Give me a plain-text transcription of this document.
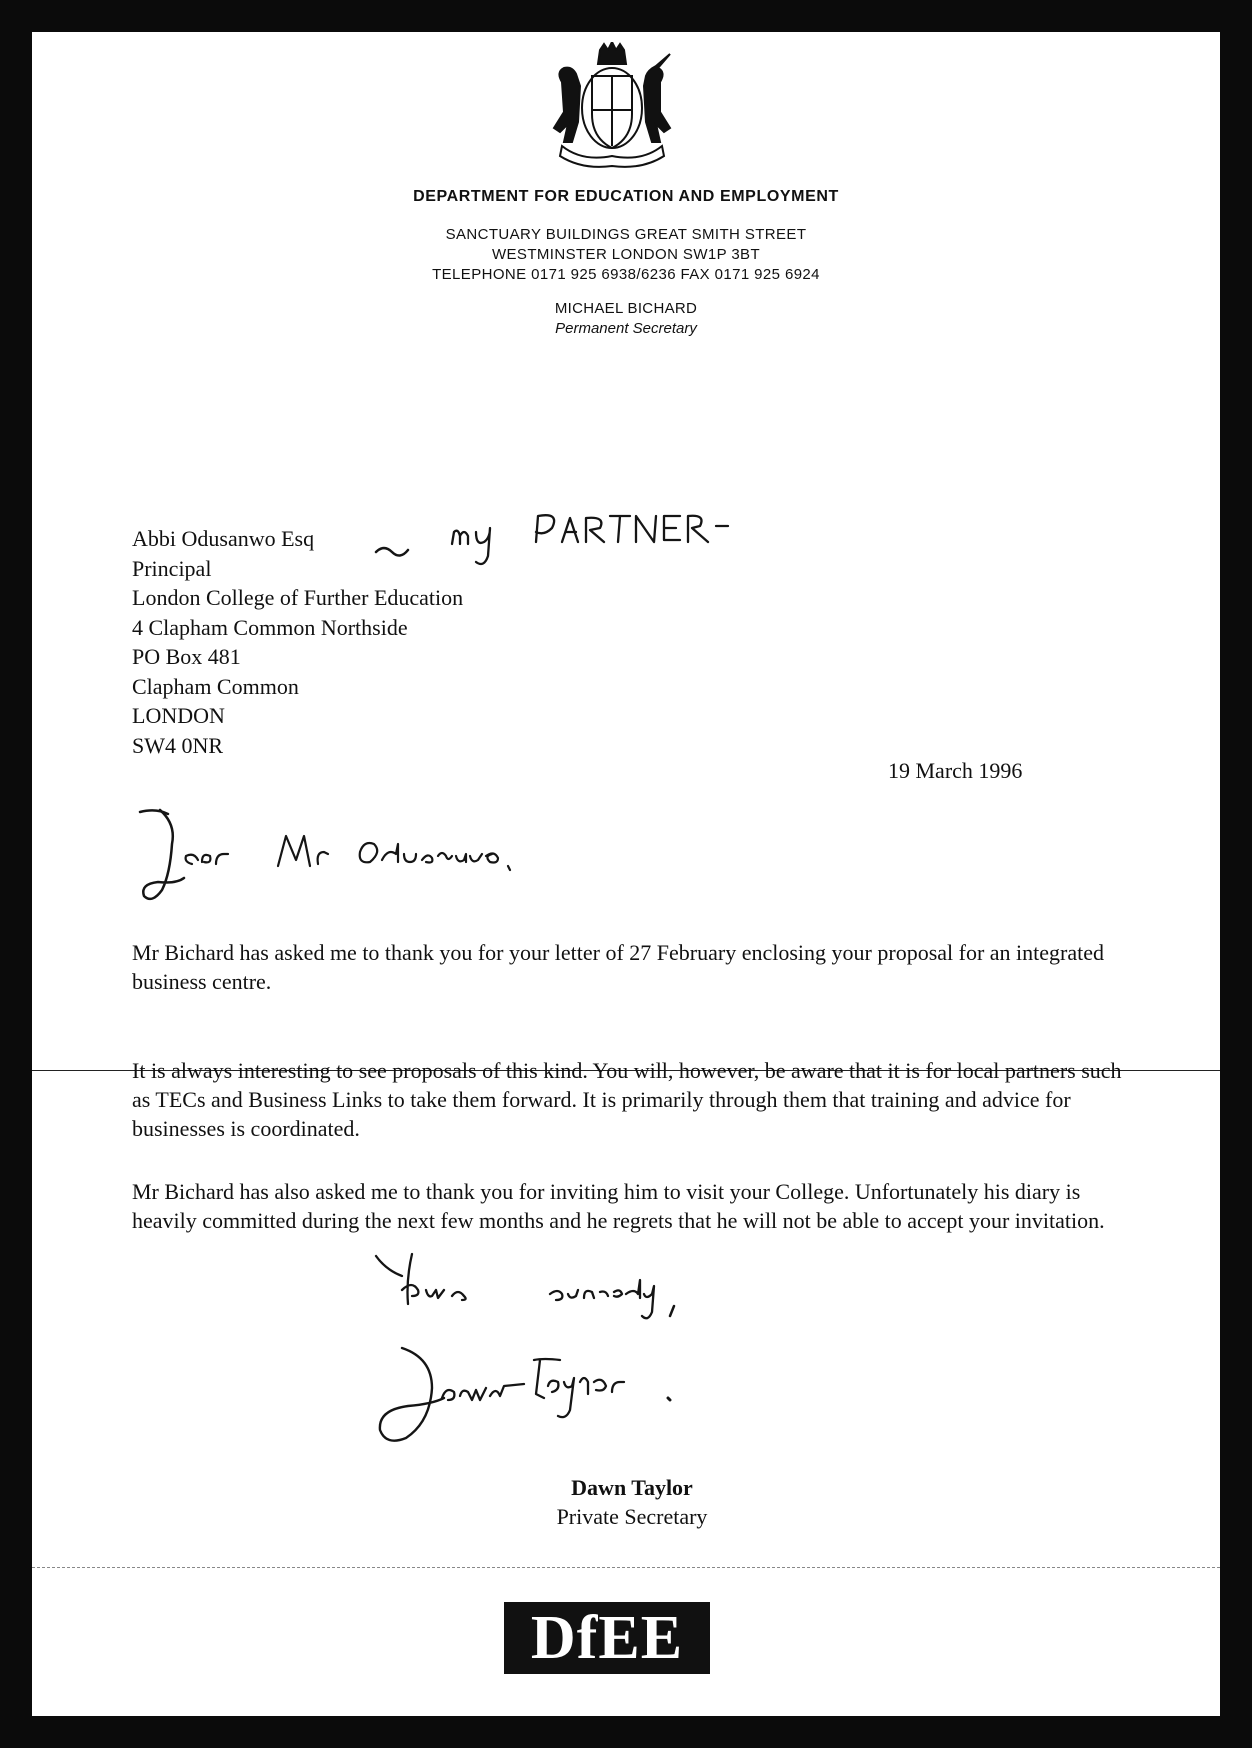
DEPARTMENT FOR EDUCATION AND EMPLOYMENT
SANCTUARY BUILDINGS GREAT SMITH STREET
WESTMINSTER LONDON SW1P 3BT
TELEPHONE 0171 925 6938/6236 FAX 0171 925 6924
MICHAEL BICHARD
Permanent Secretary
Abbi Odusanwo Esq
Principal
London College of Further Education
4 Clapham Common Northside
PO Box 481
Clapham Common
LONDON
SW4 0NR
19 March 1996
Mr Bichard has asked me to thank you for your letter of 27 February enclosing your proposal for an integrated business centre.
It is always interesting to see proposals of this kind. You will, however, be aware that it is for local partners such as TECs and Business Links to take them forward. It is primarily through them that training and advice for businesses is coordinated.
Mr Bichard has also asked me to thank you for inviting him to visit your College. Unfortunately his diary is heavily committed during the next few months and he regrets that he will not be able to accept your invitation.
Dawn Taylor
Private Secretary
DfEE
